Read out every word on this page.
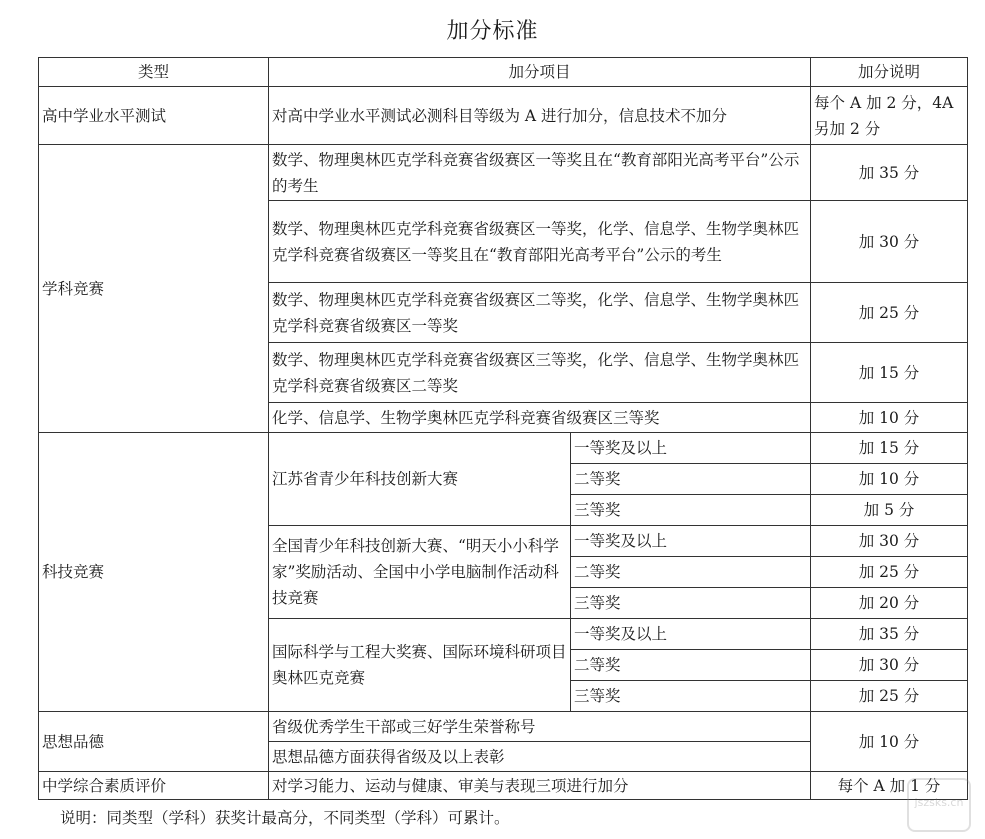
加分标准
类型	加分项目		加分说明
高中学业水平测试	对高中学业水平测试必测科目等级为 A 进行加分，信息技术不加分		每个 A 加 2 分，4A 另加 2 分
学科竞赛	数学、物理奥林匹克学科竞赛省级赛区一等奖且在“教育部阳光高考平台”公示的考生		加 35 分
	数学、物理奥林匹克学科竞赛省级赛区一等奖，化学、信息学、生物学奥林匹克学科竞赛省级赛区一等奖且在“教育部阳光高考平台”公示的考生		加 30 分
	数学、物理奥林匹克学科竞赛省级赛区二等奖，化学、信息学、生物学奥林匹克学科竞赛省级赛区一等奖		加 25 分
	数学、物理奥林匹克学科竞赛省级赛区三等奖，化学、信息学、生物学奥林匹克学科竞赛省级赛区二等奖		加 15 分
	化学、信息学、生物学奥林匹克学科竞赛省级赛区三等奖		加 10 分
科技竞赛	江苏省青少年科技创新大赛	一等奖及以上	加 15 分
		二等奖	加 10 分
		三等奖	加 5 分
	全国青少年科技创新大赛、“明天小小科学家”奖励活动、全国中小学电脑制作活动科技竞赛	一等奖及以上	加 30 分
		二等奖	加 25 分
		三等奖	加 20 分
	国际科学与工程大奖赛、国际环境科研项目奥林匹克竞赛	一等奖及以上	加 35 分
		二等奖	加 30 分
		三等奖	加 25 分
思想品德	省级优秀学生干部或三好学生荣誉称号		加 10 分
	思想品德方面获得省级及以上表彰		
中学综合素质评价	对学习能力、运动与健康、审美与表现三项进行加分		每个 A 加 1 分
说明：同类型（学科）获奖计最高分，不同类型（学科）可累计。
jszsks.cn
